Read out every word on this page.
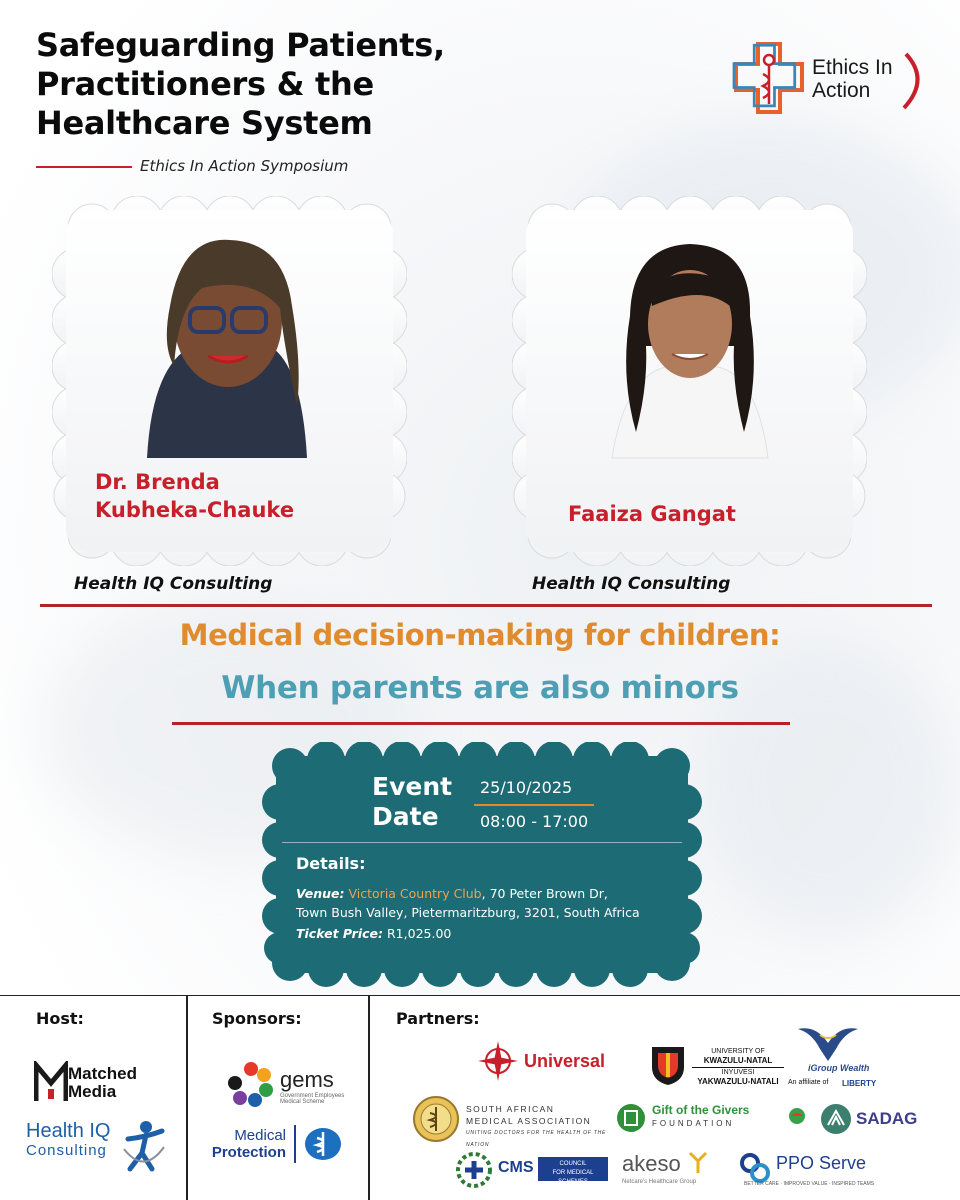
Safeguarding Patients,
Practitioners & the
Healthcare System
Ethics In Action Symposium
Ethics In
Action
Dr. Brenda
Kubheka-Chauke	Faaiza Gangat
Health IQ Consulting	Health IQ Consulting
Medical decision-making for children:
When parents are also minors
Event
Date
25/10/2025
08:00 - 17:00
Details:
Venue: Victoria Country Club, 70 Peter Brown Dr,
Town Bush Valley, Pietermaritzburg, 3201, South Africa
Ticket Price: R1,025.00
Host:	Sponsors:	Partners:
Matched
Media
Health IQ
Consulting
gems
Government Employees Medical Scheme
Medical
Protection
Universal	UNIVERSITY OF
KWAZULU-NATAL
INYUVESI
YAKWAZULU-NATALI
iGroup Wealth
An affiliate of LIBERTY
SOUTH AFRICAN
MEDICAL ASSOCIATION
UNITING DOCTORS FOR THE HEALTH OF THE NATION
Gift of the Givers
FOUNDATION	SADAG
CMS	COUNCIL
FOR MEDICAL SCHEMES
akeso
Netcare's Healthcare Group
PPO Serve
BETTER CARE · IMPROVED VALUE · INSPIRED TEAMS
